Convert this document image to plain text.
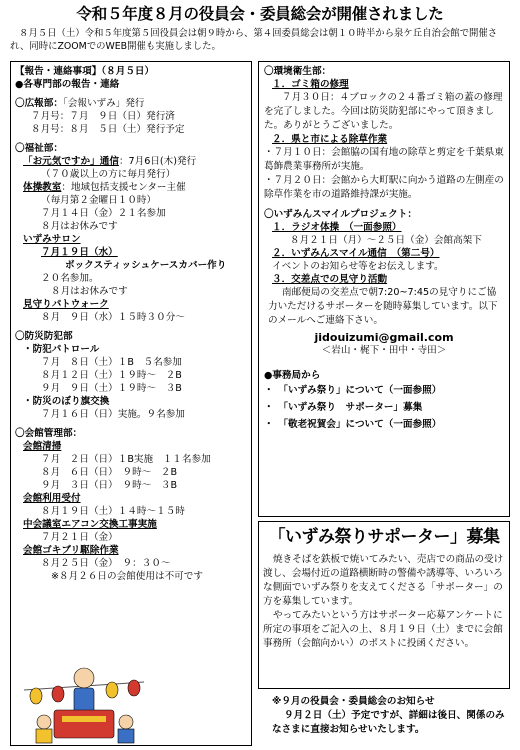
令和５年度８月の役員会・委員総会が開催されました

８月５日（土）令和５年度第５回役員会は朝９時から、第４回委員総会は朝１０時半から泉ケ丘自治会館で開催され、同時にZOOMでのWEB開催も実施しました。

【報告・連絡事項】（８月５日）
●各専門部の報告・連絡
〇広報部：「会報いずみ」発行
７月号：７月　９日（日）発行済
８月号：８月　５日（土）発行予定
〇福祉部：
「お元気ですか」通信：7月6日(木)発行
（７０歳以上の方に毎月発行）
体操教室：地域包括支援センター主催
（毎月第２金曜日１０時）
７月１４日（金）２１名参加
８月はお休みです
いずみサロン
７月１９日（水）
ボックスティッシュケースカバー作り
２０名参加。
８月はお休みです
見守りパトウォーク
８月　９日（水）１５時３０分～
〇防災防犯部
・防犯パトロール
７月　８日（土）１B　５名参加
８月１２日（土）１９時～　２B
９月　９日（土）１９時～　３B
・防災のぼり旗交換
７月１６日（日）実施。９名参加
〇会館管理部：
会館清掃
７月　２日（日）１B実施　１１名参加
８月　６日（日）　９時～　２B
９月　３日（日）　９時～　３B
会館利用受付
８月１９日（土）１４時～１５時
中会議室エアコン交換工事実施
７月２１日（金）
会館ゴキブリ駆除作業
８月２５日（金）　９：３０～
※８月２６日の会館使用は不可です
〇環境衛生部：
１．ゴミ箱の修理
７月３０日：４ブロックの２４番ゴミ箱の蓋の修理を完了しました。今回は防災防犯部にやって頂きました。ありがとうございました。
２．県と市による除草作業
・７月１０日：会館脇の国有地の除草と剪定を千葉県東葛飾農業事務所が実施。
・７月２０日：会館から大町駅に向かう道路の左側産の除草作業を市の道路維持課が実施。
〇いずみんスマイルプロジェクト：
１．ラジオ体操　（一面参照）
８月２１日（月）～２５日（金）会館高架下
２．いずみんスマイル通信　（第二号）
イベントのお知らせ等をお伝えします。
３．交差点での見守り活動
南邮便局の交差点で朝7:20~7:45の見守りにご協力いただけるサポーターを随時募集しています。以下のメールへご連絡下さい。
jidouizumi@gmail.com
＜岩山・梶下・田中・寺田＞
●事務局から
・　「いずみ祭り」について（一面参照）
・　「いずみ祭り　サポーター」募集
・　「敬老祝賀会」について（一面参照）
「いずみ祭りサポーター」募集

焼きそばを鉄板で焼いてみたい、売店での商品の受け渡し、会場付近の道路横断時の警備や誘導等、いろいろな側面でいずみ祭りを支えてくださる「サポーター」の方を募集しています。

やってみたいという方はサポーター応募アンケートに所定の事項をご記入の上、８月１９日（土）までに会館事務所（会館向かい）のポストに投函ください。

※９月の役員会・委員総会のお知らせ

９月２日（土）予定ですが、詳細は後日、関係のみなさまに直接お知らせいたします。
